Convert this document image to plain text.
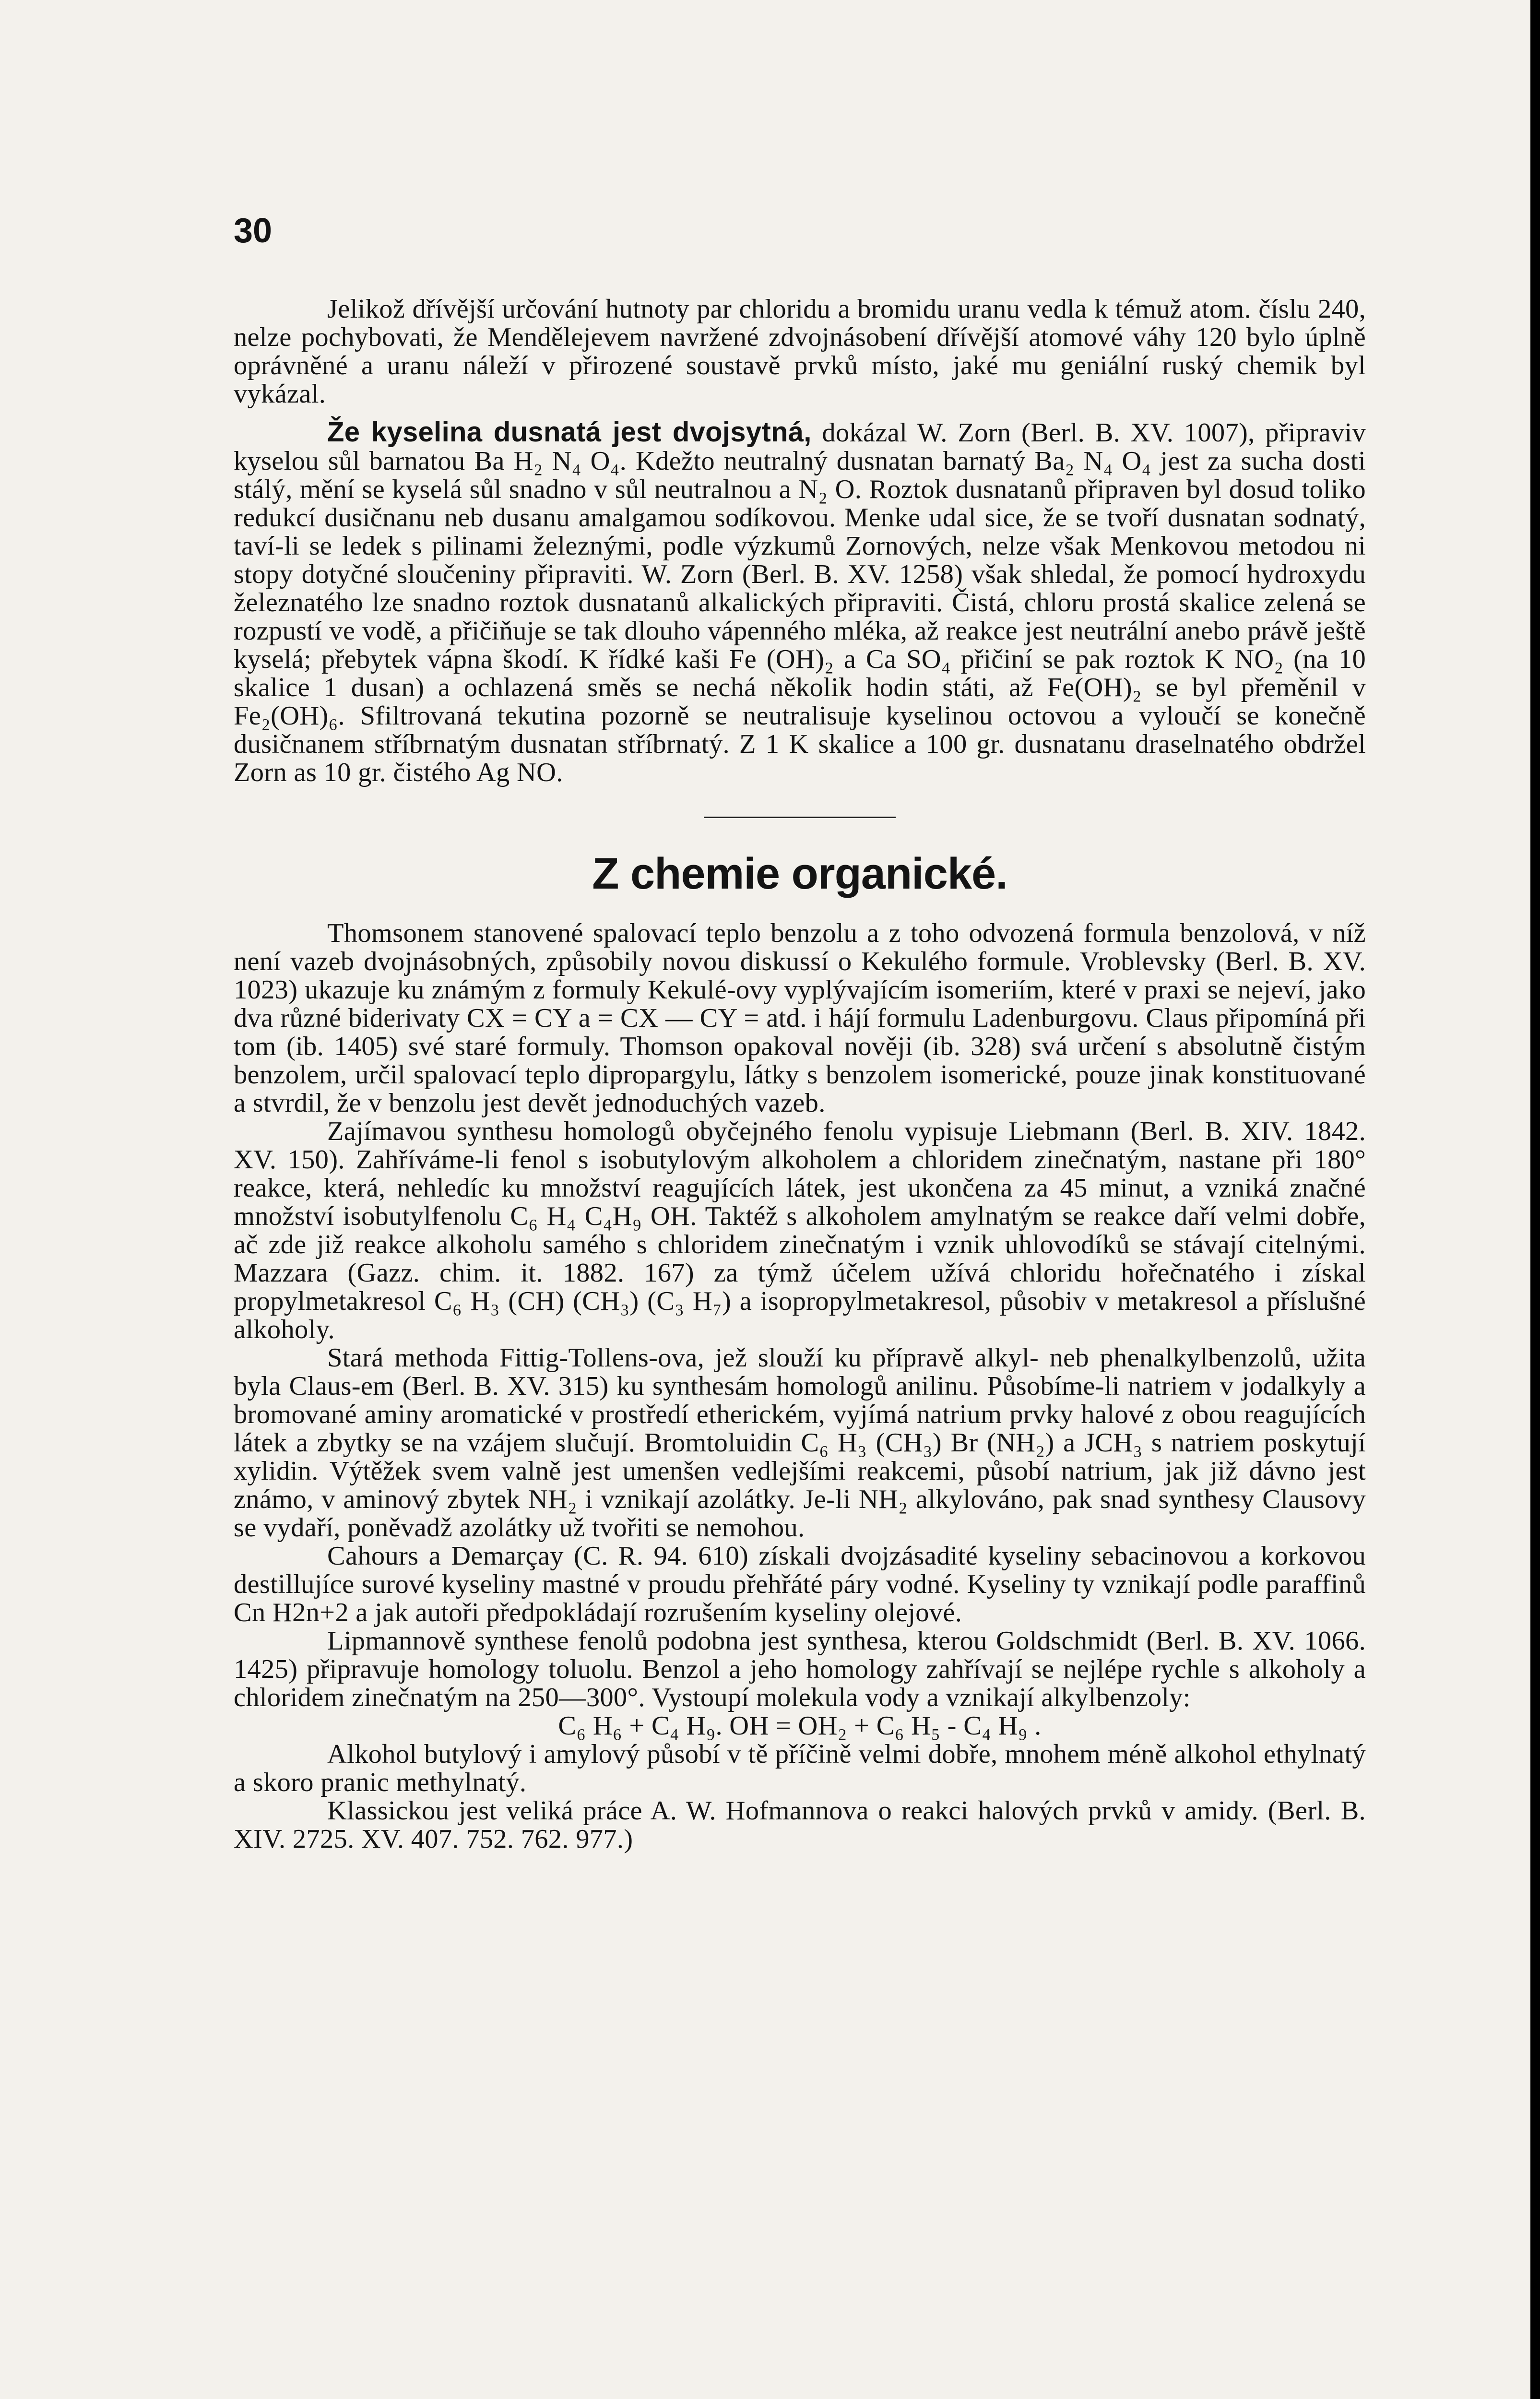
30

Jelikož dřívější určování hutnoty par chloridu a bromidu uranu vedla k témuž atom. číslu 240, nelze pochybovati, že Mendělejevem navržené zdvojnásobení dřívější atomové váhy 120 bylo úplně oprávněné a uranu náleží v přirozené soustavě prvků místo, jaké mu geniální ruský chemik byl vykázal.

Že kyselina dusnatá jest dvojsytná, dokázal W. Zorn (Berl. B. XV. 1007), připraviv kyselou sůl barnatou Ba H₂ N₄ O₄. Kdežto neutralný dusnatan barnatý Ba₂ N₄ O₄ jest za sucha dosti stálý, mění se kyselá sůl snadno v sůl neutralnou a N₂ O. Roztok dusnatanů připraven byl dosud toliko redukcí dusičnanu neb dusanu amalgamou sodíkovou. Menke udal sice, že se tvoří dusnatan sodnatý, taví-li se ledek s pilinami železnými, podle výzkumů Zornových, nelze však Menkovou metodou ni stopy dotyčné sloučeniny připraviti. W. Zorn (Berl. B. XV. 1258) však shledal, že pomocí hydroxydu železnatého lze snadno roztok dusnatanů alkalických připraviti. Čistá, chloru prostá skalice zelená se rozpustí ve vodě, a přičiňuje se tak dlouho vápenného mléka, až reakce jest neutrální anebo právě ještě kyselá; přebytek vápna škodí. K řídké kaši Fe (OH)₂ a Ca SO₄ přičiní se pak roztok K NO₂ (na 10 skalice 1 dusan) a ochlazená směs se nechá několik hodin státi, až Fe(OH)₂ se byl přeměnil v Fe₂(OH)₆. Sfiltrovaná tekutina pozorně se neutralisuje kyselinou octovou a vyloučí se konečně dusičnanem stříbrnatým dusnatan stříbrnatý. Z 1 K skalice a 100 gr. dusnatanu draselnatého obdržel Zorn as 10 gr. čistého Ag NO.

Z chemie organické.

Thomsonem stanovené spalovací teplo benzolu a z toho odvozená formula benzolová, v níž není vazeb dvojnásobných, způsobily novou diskussí o Kekulého formule. Vroblevsky (Berl. B. XV. 1023) ukazuje ku známým z formuly Kekulé-ovy vyplývajícím isomeriím, které v praxi se nejeví, jako dva různé biderivaty CX = CY a = CX — CY = atd. i hájí formulu Ladenburgovu. Claus připomíná při tom (ib. 1405) své staré formuly. Thomson opakoval nověji (ib. 328) svá určení s absolutně čistým benzolem, určil spalovací teplo dipropargylu, látky s benzolem isomerické, pouze jinak konstituované a stvrdil, že v benzolu jest devět jednoduchých vazeb.

Zajímavou synthesu homologů obyčejného fenolu vypisuje Liebmann (Berl. B. XIV. 1842. XV. 150). Zahříváme-li fenol s isobutylovým alkoholem a chloridem zinečnatým, nastane při 180° reakce, která, nehledíc ku množství reagujících látek, jest ukončena za 45 minut, a vzniká značné množství isobutylfenolu C₆ H₄ C₄H₉ OH. Taktéž s alkoholem amylnatým se reakce daří velmi dobře, ač zde již reakce alkoholu samého s chloridem zinečnatým i vznik uhlovodíků se stávají citelnými. Mazzara (Gazz. chim. it. 1882. 167) za týmž účelem užívá chloridu hořečnatého i získal propylmetakresol C₆ H₃ (CH) (CH₃) (C₃ H₇) a isopropylmetakresol, působiv v metakresol a příslušné alkoholy.

Stará methoda Fittig-Tollens-ova, jež slouží ku přípravě alkyl- neb phenalkylbenzolů, užita byla Claus-em (Berl. B. XV. 315) ku synthesám homologů anilinu. Působíme-li natriem v jodalkyly a bromované aminy aromatické v prostředí etherickém, vyjímá natrium prvky halové z obou reagujících látek a zbytky se na vzájem slučují. Bromtoluidin C₆ H₃ (CH₃) Br (NH₂) a JCH₃ s natriem poskytují xylidin. Výtěžek svem valně jest umenšen vedlejšími reakcemi, působí natrium, jak již dávno jest známo, v aminový zbytek NH₂ i vznikají azolátky. Je-li NH₂ alkylováno, pak snad synthesy Clausovy se vydaří, poněvadž azolátky už tvořiti se nemohou.

Cahours a Demarçay (C. R. 94. 610) získali dvojzásadité kyseliny sebacinovou a korkovou destillujíce surové kyseliny mastné v proudu přehřáté páry vodné. Kyseliny ty vznikají podle paraffinů Cn H2n+2 a jak autoři předpokládají rozrušením kyseliny olejové.

Lipmannově synthese fenolů podobna jest synthesa, kterou Goldschmidt (Berl. B. XV. 1066. 1425) připravuje homology toluolu. Benzol a jeho homology zahřívají se nejlépe rychle s alkoholy a chloridem zinečnatým na 250—300°. Vystoupí molekula vody a vznikají alkylbenzoly:

C₆ H₆ + C₄ H₉. OH = OH₂ + C₆ H₅ - C₄ H₉ .

Alkohol butylový i amylový působí v tě příčině velmi dobře, mnohem méně alkohol ethylnatý a skoro pranic methylnatý.

Klassickou jest veliká práce A. W. Hofmannova o reakci halových prvků v amidy. (Berl. B. XIV. 2725. XV. 407. 752. 762. 977.)
